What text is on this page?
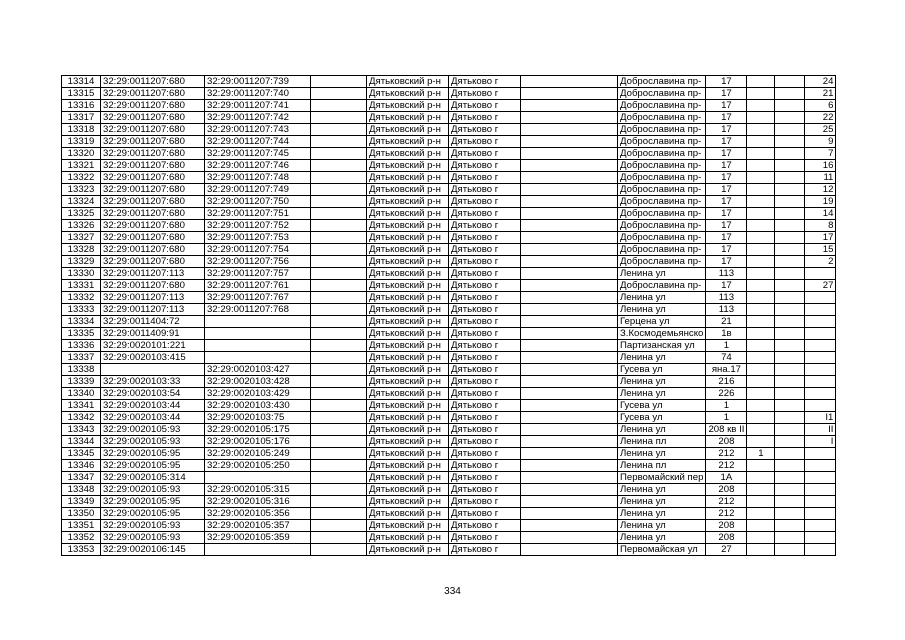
13314	32:29:0011207:680	32:29:0011207:739		Дятьковский р-н	Дятьково г		Доброславина пр-	17			24
13315	32:29:0011207:680	32:29:0011207:740		Дятьковский р-н	Дятьково г		Доброславина пр-	17			21
13316	32:29:0011207:680	32:29:0011207:741		Дятьковский р-н	Дятьково г		Доброславина пр-	17			6
13317	32:29:0011207:680	32:29:0011207:742		Дятьковский р-н	Дятьково г		Доброславина пр-	17			22
13318	32:29:0011207:680	32:29:0011207:743		Дятьковский р-н	Дятьково г		Доброславина пр-	17			25
13319	32:29:0011207:680	32:29:0011207:744		Дятьковский р-н	Дятьково г		Доброславина пр-	17			9
13320	32:29:0011207:680	32:29:0011207:745		Дятьковский р-н	Дятьково г		Доброславина пр-	17			7
13321	32:29:0011207:680	32:29:0011207:746		Дятьковский р-н	Дятьково г		Доброславина пр-	17			16
13322	32:29:0011207:680	32:29:0011207:748		Дятьковский р-н	Дятьково г		Доброславина пр-	17			11
13323	32:29:0011207:680	32:29:0011207:749		Дятьковский р-н	Дятьково г		Доброславина пр-	17			12
13324	32:29:0011207:680	32:29:0011207:750		Дятьковский р-н	Дятьково г		Доброславина пр-	17			19
13325	32:29:0011207:680	32:29:0011207:751		Дятьковский р-н	Дятьково г		Доброславина пр-	17			14
13326	32:29:0011207:680	32:29:0011207:752		Дятьковский р-н	Дятьково г		Доброславина пр-	17			8
13327	32:29:0011207:680	32:29:0011207:753		Дятьковский р-н	Дятьково г		Доброславина пр-	17			17
13328	32:29:0011207:680	32:29:0011207:754		Дятьковский р-н	Дятьково г		Доброславина пр-	17			15
13329	32:29:0011207:680	32:29:0011207:756		Дятьковский р-н	Дятьково г		Доброславина пр-	17			2
13330	32:29:0011207:113	32:29:0011207:757		Дятьковский р-н	Дятьково г		Ленина ул	113			
13331	32:29:0011207:680	32:29:0011207:761		Дятьковский р-н	Дятьково г		Доброславина пр-	17			27
13332	32:29:0011207:113	32:29:0011207:767		Дятьковский р-н	Дятьково г		Ленина ул	113			
13333	32:29:0011207:113	32:29:0011207:768		Дятьковский р-н	Дятьково г		Ленина ул	113			
13334	32:29:0011404:72			Дятьковский р-н	Дятьково г		Герцена ул	21			
13335	32:29:0011409:91			Дятьковский р-н	Дятьково г		З.Космодемьянско	1в			
13336	32:29:0020101:221			Дятьковский р-н	Дятьково г		Партизанская ул	1			
13337	32:29:0020103:415			Дятьковский р-н	Дятьково г		Ленина ул	74			
13338		32:29:0020103:427		Дятьковский р-н	Дятьково г		Гусева ул	яна.17			
13339	32:29:0020103:33	32:29:0020103:428		Дятьковский р-н	Дятьково г		Ленина ул	216			
13340	32:29:0020103:54	32:29:0020103:429		Дятьковский р-н	Дятьково г		Ленина ул	226			
13341	32:29:0020103:44	32:29:0020103:430		Дятьковский р-н	Дятьково г		Гусева ул	1			
13342	32:29:0020103:44	32:29:0020103:75		Дятьковский р-н	Дятьково г		Гусева ул	1			I1
13343	32:29:0020105:93	32:29:0020105:175		Дятьковский р-н	Дятьково г		Ленина ул	208 кв II			II
13344	32:29:0020105:93	32:29:0020105:176		Дятьковский р-н	Дятьково г		Ленина пл	208			I
13345	32:29:0020105:95	32:29:0020105:249		Дятьковский р-н	Дятьково г		Ленина ул	212	1		
13346	32:29:0020105:95	32:29:0020105:250		Дятьковский р-н	Дятьково г		Ленина пл	212			
13347	32:29:0020105:314			Дятьковский р-н	Дятьково г		Первомайский пер	1А			
13348	32:29:0020105:93	32:29:0020105:315		Дятьковский р-н	Дятьково г		Ленина ул	208			
13349	32:29:0020105:95	32:29:0020105:316		Дятьковский р-н	Дятьково г		Ленина ул	212			
13350	32:29:0020105:95	32:29:0020105:356		Дятьковский р-н	Дятьково г		Ленина ул	212			
13351	32:29:0020105:93	32:29:0020105:357		Дятьковский р-н	Дятьково г		Ленина ул	208			
13352	32:29:0020105:93	32:29:0020105:359		Дятьковский р-н	Дятьково г		Ленина ул	208			
13353	32:29:0020106:145			Дятьковский р-н	Дятьково г		Первомайская ул	27			
334
